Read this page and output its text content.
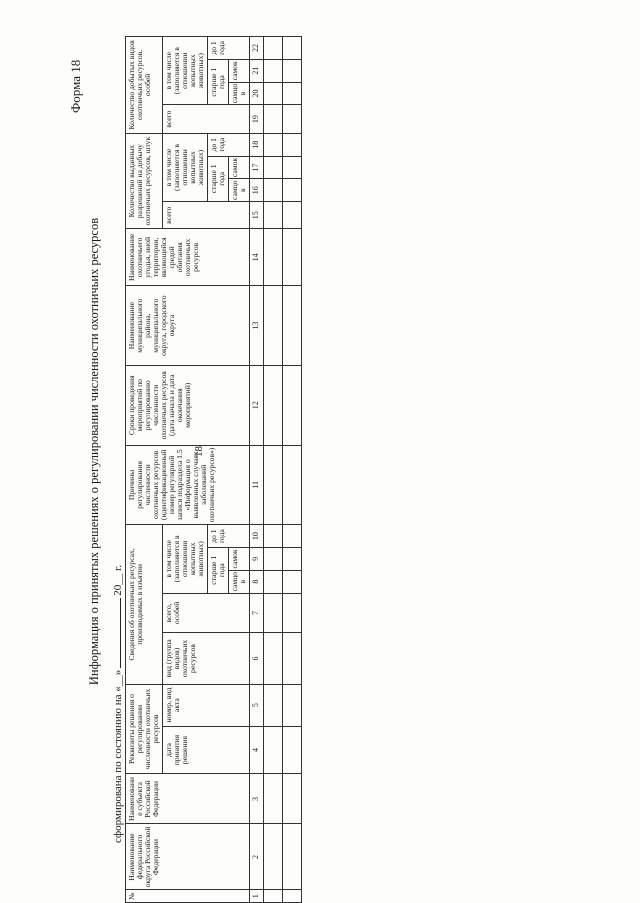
18
Форма 18
Информация о принятых решениях о регулировании численности охотничьих ресурсов
сформирована по состоянию на «__»20__ г.
№	Наименование федерального округа Российской Федерации	Наименование субъекта Российской Федерации	Реквизиты решения о регулировании численности охотничьих ресурсов		Сведения об охотничьих ресурсах, производимых в изъятии					Причины регулирования численности охотничьих ресурсов (идентификационный номер регулярной записи подраздела 1.5 «Информация о выявленных случаях заболеваний охотничьих ресурсов»)	Сроки проведения мероприятий по регулированию численности охотничьих ресурсов (дата начала и дата окончания мероприятий)	Наименование муниципального района, муниципального округа, городского округа	Наименование охотничьего угодья, иной территории, являющейся средой обитания охотничьих ресурсов	Количество выданных разрешений на добычу охотничьих ресурсов, штук				Количество добытых видов охотничьих ресурсов, особей			
			дата принятия решения	номер, вид акта	вид (группа видов) охотничьих ресурсов	всего, особей	в том числе (заполняется в отношении копытных животных)							всего	в том числе (заполняется в отношении копытных животных)			всего	в том числе (заполняется в отношении копытных животных)		
							старше 1 года		до 1 года						старше 1 года		до 1 года		старше 1 года		до 1 года
							самцов	самок							самцов	самок			самцов	самок	
1	2	3	4	5	6	7	8	9	10	11	12	13	14	15	16	17	18	19	20	21	22
